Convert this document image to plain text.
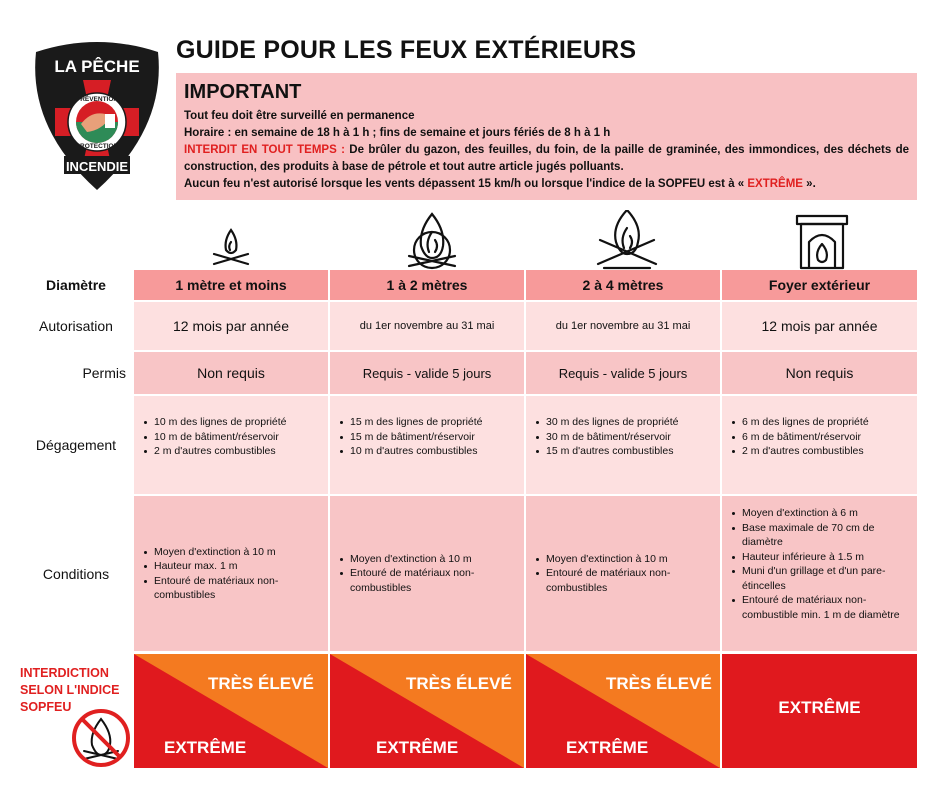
LA PÊCHE
PRÉVENTION
PROTECTION
INCENDIE
GUIDE POUR LES FEUX EXTÉRIEURS
IMPORTANT
Tout feu doit être surveillé en permanence
Horaire : en semaine de 18 h à 1 h ; fins de semaine et jours fériés de 8 h à 1 h
INTERDIT EN TOUT TEMPS : De brûler du gazon, des feuilles, du foin, de la paille de graminée, des immondices, des déchets de construction, des produits à base de pétrole et tout autre article jugés polluants.
Aucun feu n'est autorisé lorsque les vents dépassent 15 km/h ou lorsque l'indice de la SOPFEU est à « EXTRÊME ».
Diamètre
Autorisation
Permis
Dégagement
Conditions
1 mètre et moins
12 mois par année
Non requis
10 m des lignes de propriété
10 m de bâtiment/réservoir
2 m d'autres combustibles
Moyen d'extinction à 10 m
Hauteur max. 1 m
Entouré de matériaux non-combustibles
1 à 2 mètres
du 1er novembre au 31 mai
Requis - valide 5 jours
15 m des lignes de propriété
15 m de bâtiment/réservoir
10 m d'autres combustibles
Moyen d'extinction à 10 m
Entouré de matériaux non-combustibles
2 à 4 mètres
du 1er novembre au 31 mai
Requis - valide 5 jours
30 m des lignes de propriété
30 m de bâtiment/réservoir
15 m d'autres combustibles
Moyen d'extinction à 10 m
Entouré de matériaux non-combustibles
Foyer extérieur
12 mois par année
Non requis
6 m des lignes de propriété
6 m de bâtiment/réservoir
2 m d'autres combustibles
Moyen d'extinction à 6 m
Base maximale de 70 cm de diamètre
Hauteur inférieure à 1.5 m
Muni d'un grillage et d'un pare-étincelles
Entouré de matériaux non-combustible min. 1 m de diamètre
TRÈS ÉLEVÉ
EXTRÊME
TRÈS ÉLEVÉ
EXTRÊME
TRÈS ÉLEVÉ
EXTRÊME
EXTRÊME
INTERDICTION
SELON L'INDICE
SOPFEU
